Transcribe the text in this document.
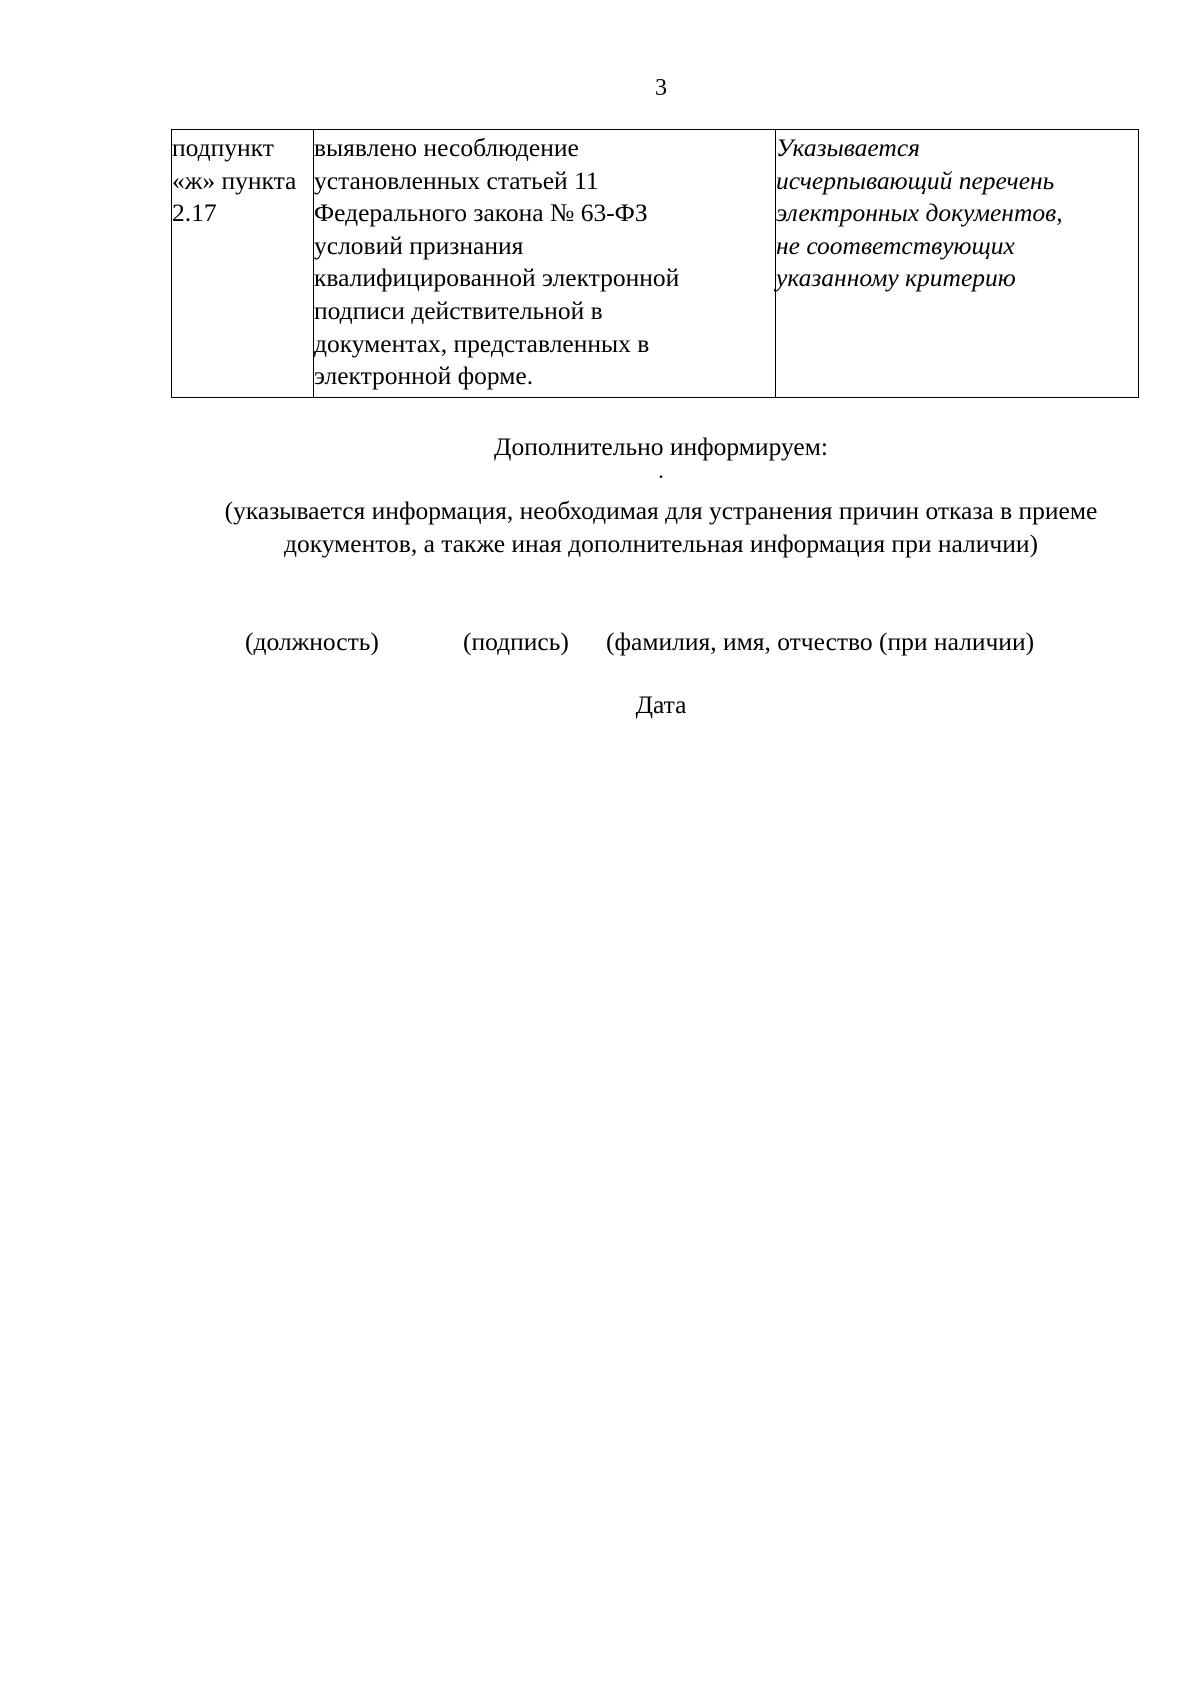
3
подпункт
«ж» пункта
2.17

выявлено несоблюдение
установленных статьей 11
Федерального закона № 63-ФЗ
условий признания
квалифицированной электронной
подписи действительной в
документах, представленных в
электронной форме.

Указывается
исчерпывающий перечень
электронных документов,
не соответствующих
указанному критерию
Дополнительно информируем:
.
(указывается информация, необходимая для устранения причин отказа в приеме
документов, а также иная дополнительная информация при наличии)
(должность)	(подпись) (фамилия, имя, отчество (при наличии)
Дата
